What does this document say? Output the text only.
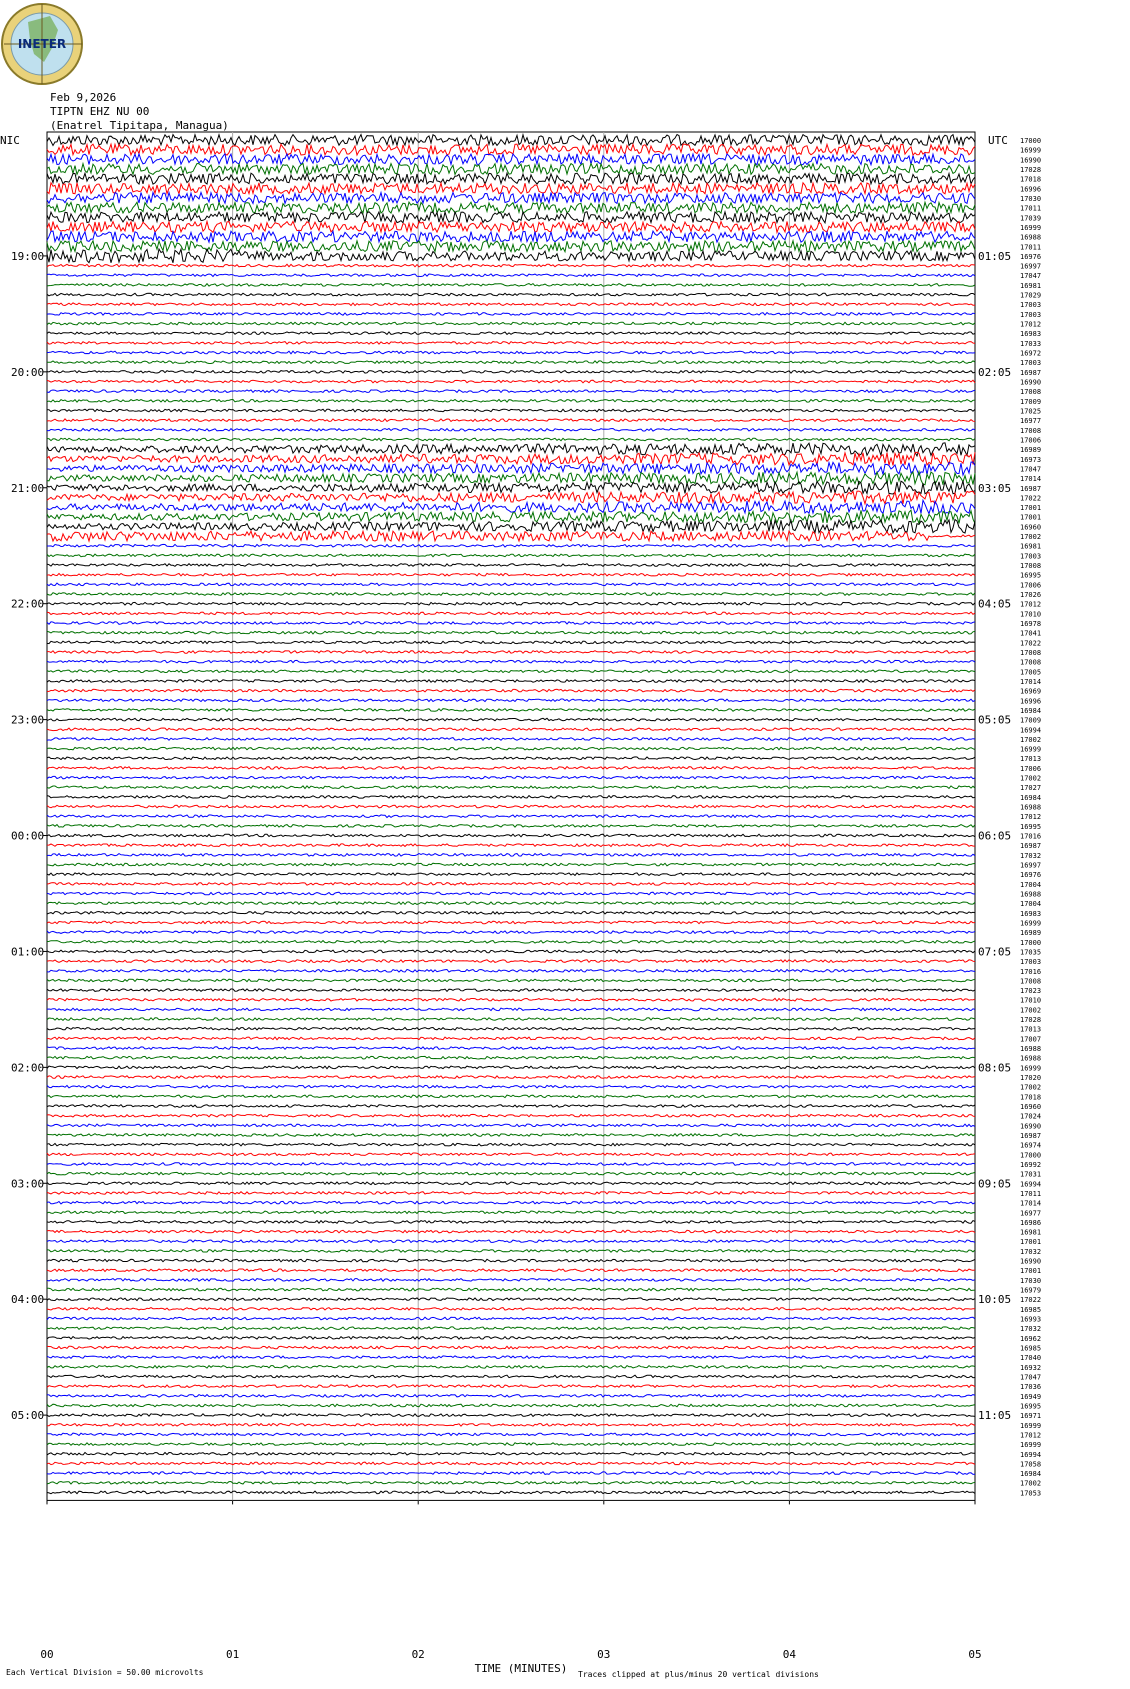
INETER
Feb 9,2026
TIPTN EHZ NU 00
(Enatrel Tipitapa, Managua)
NIC	UTC 17000
16999
16990
17028
17018
16996
17030
17011
17039
16999
16988
17011
16976
16997
17047
16981
17029
17003
17003
17012
16983
17033
16972
17003
16987
16990
17008
17009
17025
16977
17008
17006
16989
16973
17047
17014
16987
17022
17001
17001
16960
17002
16981
17003
17008
16995
17006
17026
17012
17010
16978
17041
17022
17008
17008
17005
17014
16969
16996
16984
17009
16994
17002
16999
17013
17006
17002
17027
16984
16988
17012
16995
17016
16987
17032
16997
16976
17004
16988
17004
16983
16999
16989
17000
17035
17003
17016
17008
17023
17010
17002
17028
17013
17007
16988
16988
16999
17020
17002
17018
16960
17024
16990
16987
16974
17000
16992
17031
16994
17011
17014
16977
16986
16981
17001
17032
16990
17001
17030
16979
17022
16985
16993
17032
16962
16985
17040
16932
17047
17036
16949
16995
16971
16999
17012
16999
16994
17058
16984
17002
17053
19:00	01:05
20:00	02:05
21:00	03:05
22:00	04:05
23:00	05:05
00:00	06:05
01:00	07:05
02:00	08:05
03:00	09:05
04:00	10:05
05:00	11:05
00	01	02	03	04	05
TIME (MINUTES)
Each Vertical Division = 50.00 microvolts	Traces clipped at plus/minus 20 vertical divisions
